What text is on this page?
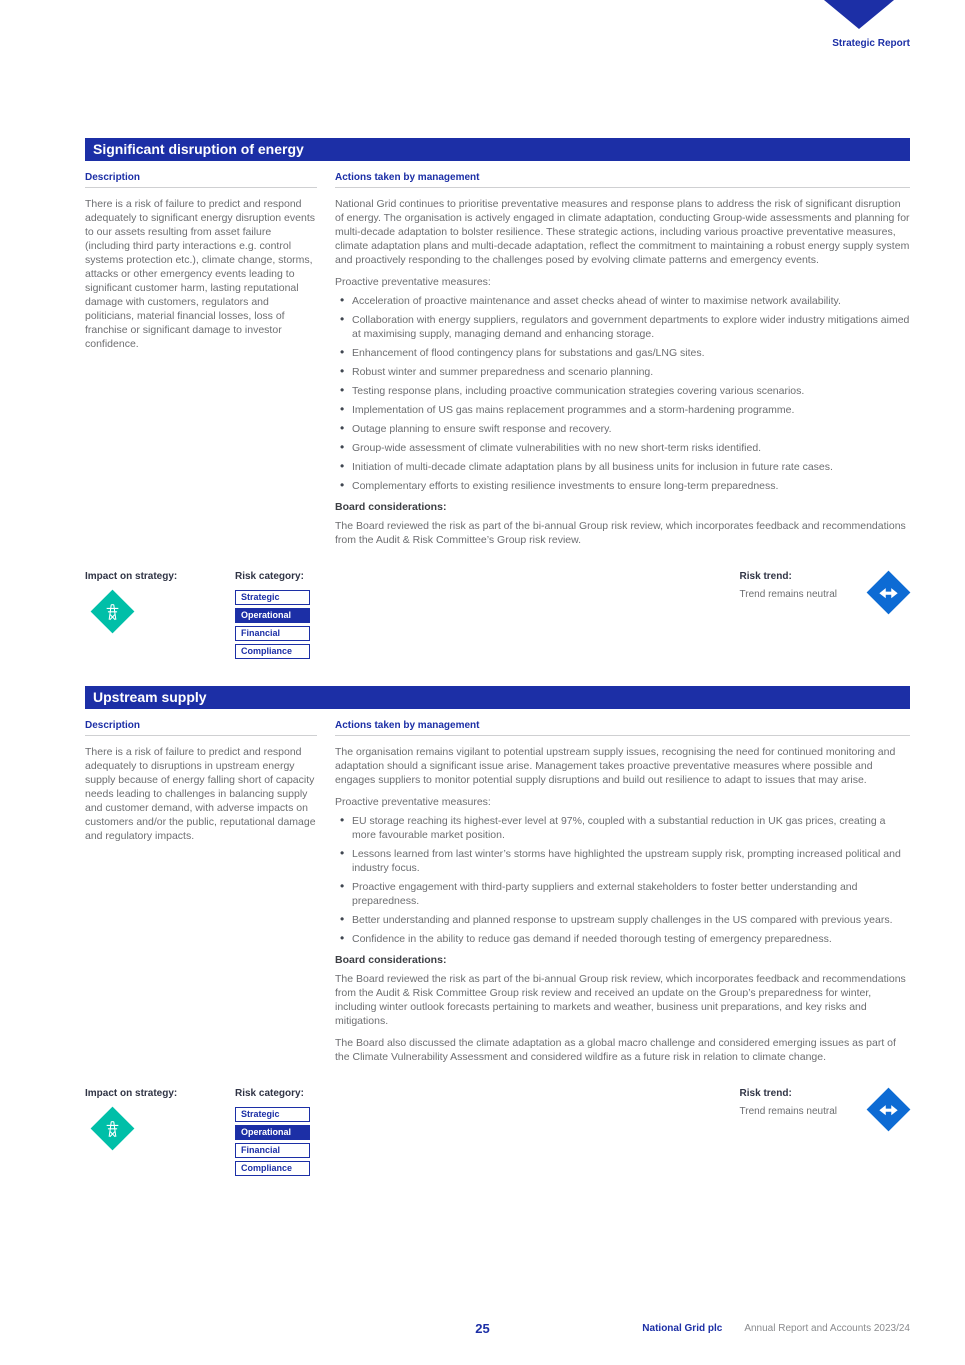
Strategic Report
Significant disruption of energy
Description

There is a risk of failure to predict and respond adequately to significant energy disruption events to our assets resulting from asset failure (including third party interactions e.g. control systems protection etc.), climate change, storms, attacks or other emergency events leading to significant customer harm, lasting reputational damage with customers, regulators and politicians, material financial losses, loss of franchise or significant damage to investor confidence.

Actions taken by management

National Grid continues to prioritise preventative measures and response plans to address the risk of significant disruption of energy. The organisation is actively engaged in climate adaptation, conducting Group-wide assessments and planning for multi-decade adaptation to bolster resilience. These strategic actions, including various proactive preventative measures, climate adaptation plans and multi-decade adaptation, reflect the commitment to maintaining a robust energy supply system and proactively responding to the challenges posed by evolving climate patterns and emergency events.

Proactive preventative measures:

• Acceleration of proactive maintenance and asset checks ahead of winter to maximise network availability.
• Collaboration with energy suppliers, regulators and government departments to explore wider industry mitigations aimed at maximising supply, managing demand and enhancing storage.
• Enhancement of flood contingency plans for substations and gas/LNG sites.
• Robust winter and summer preparedness and scenario planning.
• Testing response plans, including proactive communication strategies covering various scenarios.
• Implementation of US gas mains replacement programmes and a storm-hardening programme.
• Outage planning to ensure swift response and recovery.
• Group-wide assessment of climate vulnerabilities with no new short-term risks identified.
• Initiation of multi-decade climate adaptation plans by all business units for inclusion in future rate cases.
• Complementary efforts to existing resilience investments to ensure long-term preparedness.

Board considerations:

The Board reviewed the risk as part of the bi-annual Group risk review, which incorporates feedback and recommendations from the Audit & Risk Committee’s Group risk review.

Impact on strategy:	Risk category:
Strategic
Operational
Financial
Compliance
Risk trend:
Trend remains neutral
Upstream supply
Description

There is a risk of failure to predict and respond adequately to disruptions in upstream energy supply because of energy falling short of capacity needs leading to challenges in balancing supply and customer demand, with adverse impacts on customers and/or the public, reputational damage and regulatory impacts.

Actions taken by management

The organisation remains vigilant to potential upstream supply issues, recognising the need for continued monitoring and adaptation should a significant issue arise. Management takes proactive preventative measures where possible and engages suppliers to monitor potential supply disruptions and build out resilience to adapt to issues that may arise.

Proactive preventative measures:

• EU storage reaching its highest-ever level at 97%, coupled with a substantial reduction in UK gas prices, creating a more favourable market position.
• Lessons learned from last winter’s storms have highlighted the upstream supply risk, prompting increased political and industry focus.
• Proactive engagement with third-party suppliers and external stakeholders to foster better understanding and preparedness.
• Better understanding and planned response to upstream supply challenges in the US compared with previous years.
• Confidence in the ability to reduce gas demand if needed thorough testing of emergency preparedness.

Board considerations:

The Board reviewed the risk as part of the bi-annual Group risk review, which incorporates feedback and recommendations from the Audit & Risk Committee Group risk review and received an update on the Group’s preparedness for winter, including winter outlook forecasts pertaining to markets and weather, business unit preparations, and key risks and mitigations.

The Board also discussed the climate adaptation as a global macro challenge and considered emerging issues as part of the Climate Vulnerability Assessment and considered wildfire as a future risk in relation to climate change.

Impact on strategy:	Risk category:
Strategic
Operational
Financial
Compliance
Risk trend:
Trend remains neutral
25	National Grid plc Annual Report and Accounts 2023/24
